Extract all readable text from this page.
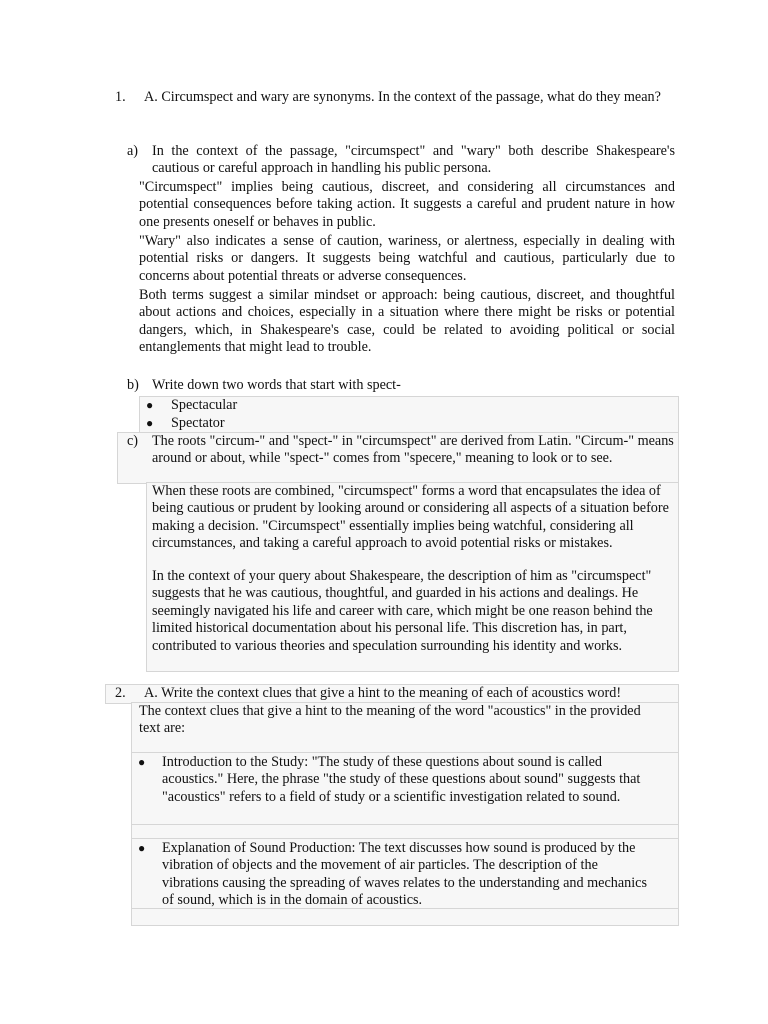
1.	A. Circumspect and wary are synonyms. In the context of the passage, what do they mean?
a) In the context of the passage, "circumspect" and "wary" both describe Shakespeare's cautious or careful approach in handling his public persona.
"Circumspect" implies being cautious, discreet, and considering all circumstances and potential consequences before taking action. It suggests a careful and prudent nature in how one presents oneself or behaves in public.
"Wary" also indicates a sense of caution, wariness, or alertness, especially in dealing with potential risks or dangers. It suggests being watchful and cautious, particularly due to concerns about potential threats or adverse consequences.
Both terms suggest a similar mindset or approach: being cautious, discreet, and thoughtful about actions and choices, especially in a situation where there might be risks or potential dangers, which, in Shakespeare's case, could be related to avoiding political or social entanglements that might lead to trouble.
b) Write down two words that start with spect-
● Spectacular
● Spectator
c) The roots "circum-" and "spect-" in "circumspect" are derived from Latin. "Circum-" means around or about, while "spect-" comes from "specere," meaning to look or to see.
When these roots are combined, "circumspect" forms a word that encapsulates the idea of being cautious or prudent by looking around or considering all aspects of a situation before making a decision. "Circumspect" essentially implies being watchful, considering all circumstances, and taking a careful approach to avoid potential risks or mistakes.
In the context of your query about Shakespeare, the description of him as "circumspect" suggests that he was cautious, thoughtful, and guarded in his actions and dealings. He seemingly navigated his life and career with care, which might be one reason behind the limited historical documentation about his personal life. This discretion has, in part, contributed to various theories and speculation surrounding his identity and works.
2. A. Write the context clues that give a hint to the meaning of each of acoustics word!
The context clues that give a hint to the meaning of the word "acoustics" in the provided text are:
● Introduction to the Study: "The study of these questions about sound is called acoustics." Here, the phrase "the study of these questions about sound" suggests that "acoustics" refers to a field of study or a scientific investigation related to sound.
● Explanation of Sound Production: The text discusses how sound is produced by the vibration of objects and the movement of air particles. The description of the vibrations causing the spreading of waves relates to the understanding and mechanics of sound, which is in the domain of acoustics.
